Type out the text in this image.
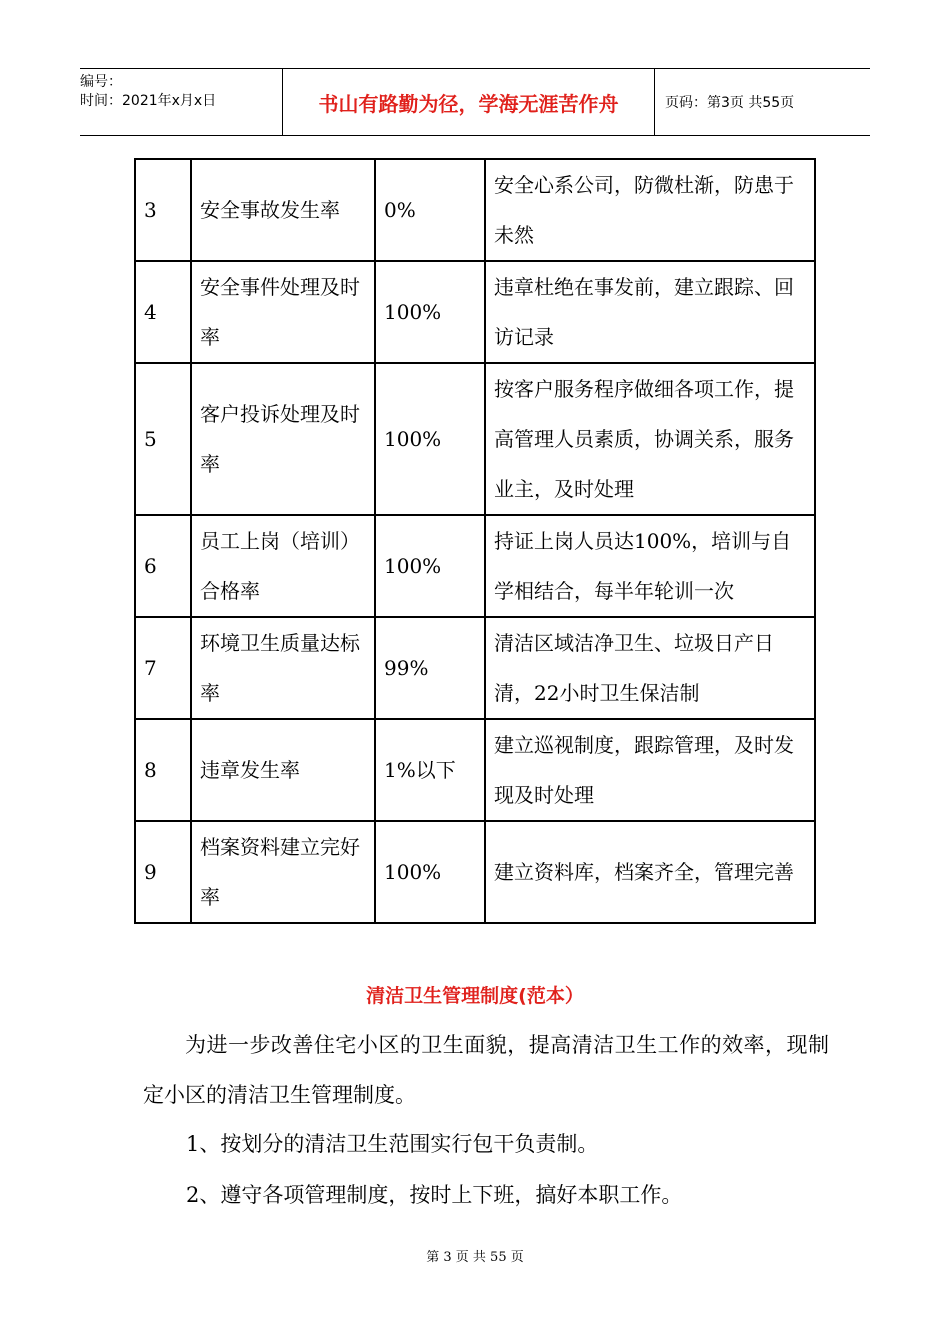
编号：
时间：2021年x月x日	书山有路勤为径，学海无涯苦作舟	页码：第3页 共55页
3	安全事故发生率	0%	安全心系公司，防微杜渐，防患于未然
4	安全事件处理及时率	100%	违章杜绝在事发前，建立跟踪、回访记录
5	客户投诉处理及时率	100%	按客户服务程序做细各项工作，提高管理人员素质，协调关系，服务业主，及时处理
6	员工上岗（培训）合格率	100%	持证上岗人员达100%，培训与自学相结合，每半年轮训一次
7	环境卫生质量达标率	99%	清洁区域洁净卫生、垃圾日产日清，22小时卫生保洁制
8	违章发生率	1%以下	建立巡视制度，跟踪管理，及时发现及时处理
9	档案资料建立完好率	100%	建立资料库，档案齐全，管理完善
清洁卫生管理制度(范本）
为进一步改善住宅小区的卫生面貌，提高清洁卫生工作的效率，现制定小区的清洁卫生管理制度。
1、按划分的清洁卫生范围实行包干负责制。
2、遵守各项管理制度，按时上下班，搞好本职工作。
第 3 页 共 55 页
